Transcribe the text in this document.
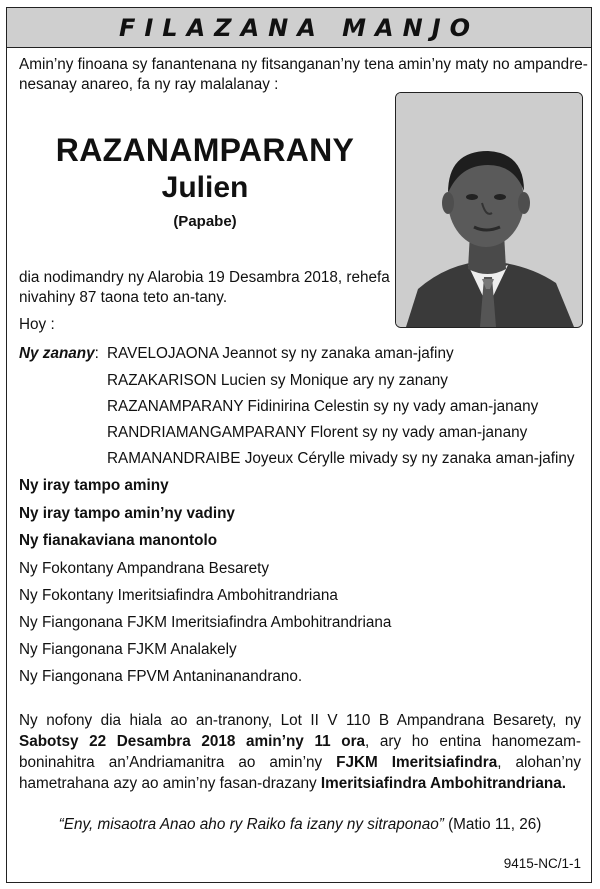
FILAZANA MANJO
Amin’ny finoana sy fanantenana ny fitsanganan’ny tena amin’ny maty no ampandre-
nesanay anareo, fa ny ray malalanay :
RAZANAMPARANY
Julien
(Papabe)
dia nodimandry ny Alarobia 19 Desambra 2018, rehefa
nivahiny 87 taona teto an-tany.
Hoy :
Ny zanany: RAVELOJAONA Jeannot sy ny zanaka aman-jafiny
RAZAKARISON Lucien sy Monique ary ny zanany
RAZANAMPARANY Fidinirina Celestin sy ny vady aman-janany
RANDRIAMANGAMPARANY Florent sy ny vady aman-janany
RAMANANDRAIBE Joyeux Cérylle mivady sy ny zanaka aman-jafiny
Ny iray tampo aminy
Ny iray tampo amin’ny vadiny
Ny fianakaviana manontolo
Ny Fokontany Ampandrana Besarety
Ny Fokontany Imeritsiafindra Ambohitrandriana
Ny Fiangonana FJKM Imeritsiafindra Ambohitrandriana
Ny Fiangonana FJKM Analakely
Ny Fiangonana FPVM Antaninanandrano.
Ny nofony dia hiala ao an-tranony, Lot II V 110 B Ampandrana Besarety, ny Sabotsy 22 Desambra 2018 amin’ny 11 ora, ary ho entina hanomezam-boninahitra an’Andriamanitra ao amin’ny FJKM Imeritsiafindra, alohan’ny hametrahana azy ao amin’ny fasan-drazany Imeritsiafindra Ambohitrandriana.
“Eny, misaotra Anao aho ry Raiko fa izany ny sitraponao” (Matio 11, 26)
9415-NC/1-1
